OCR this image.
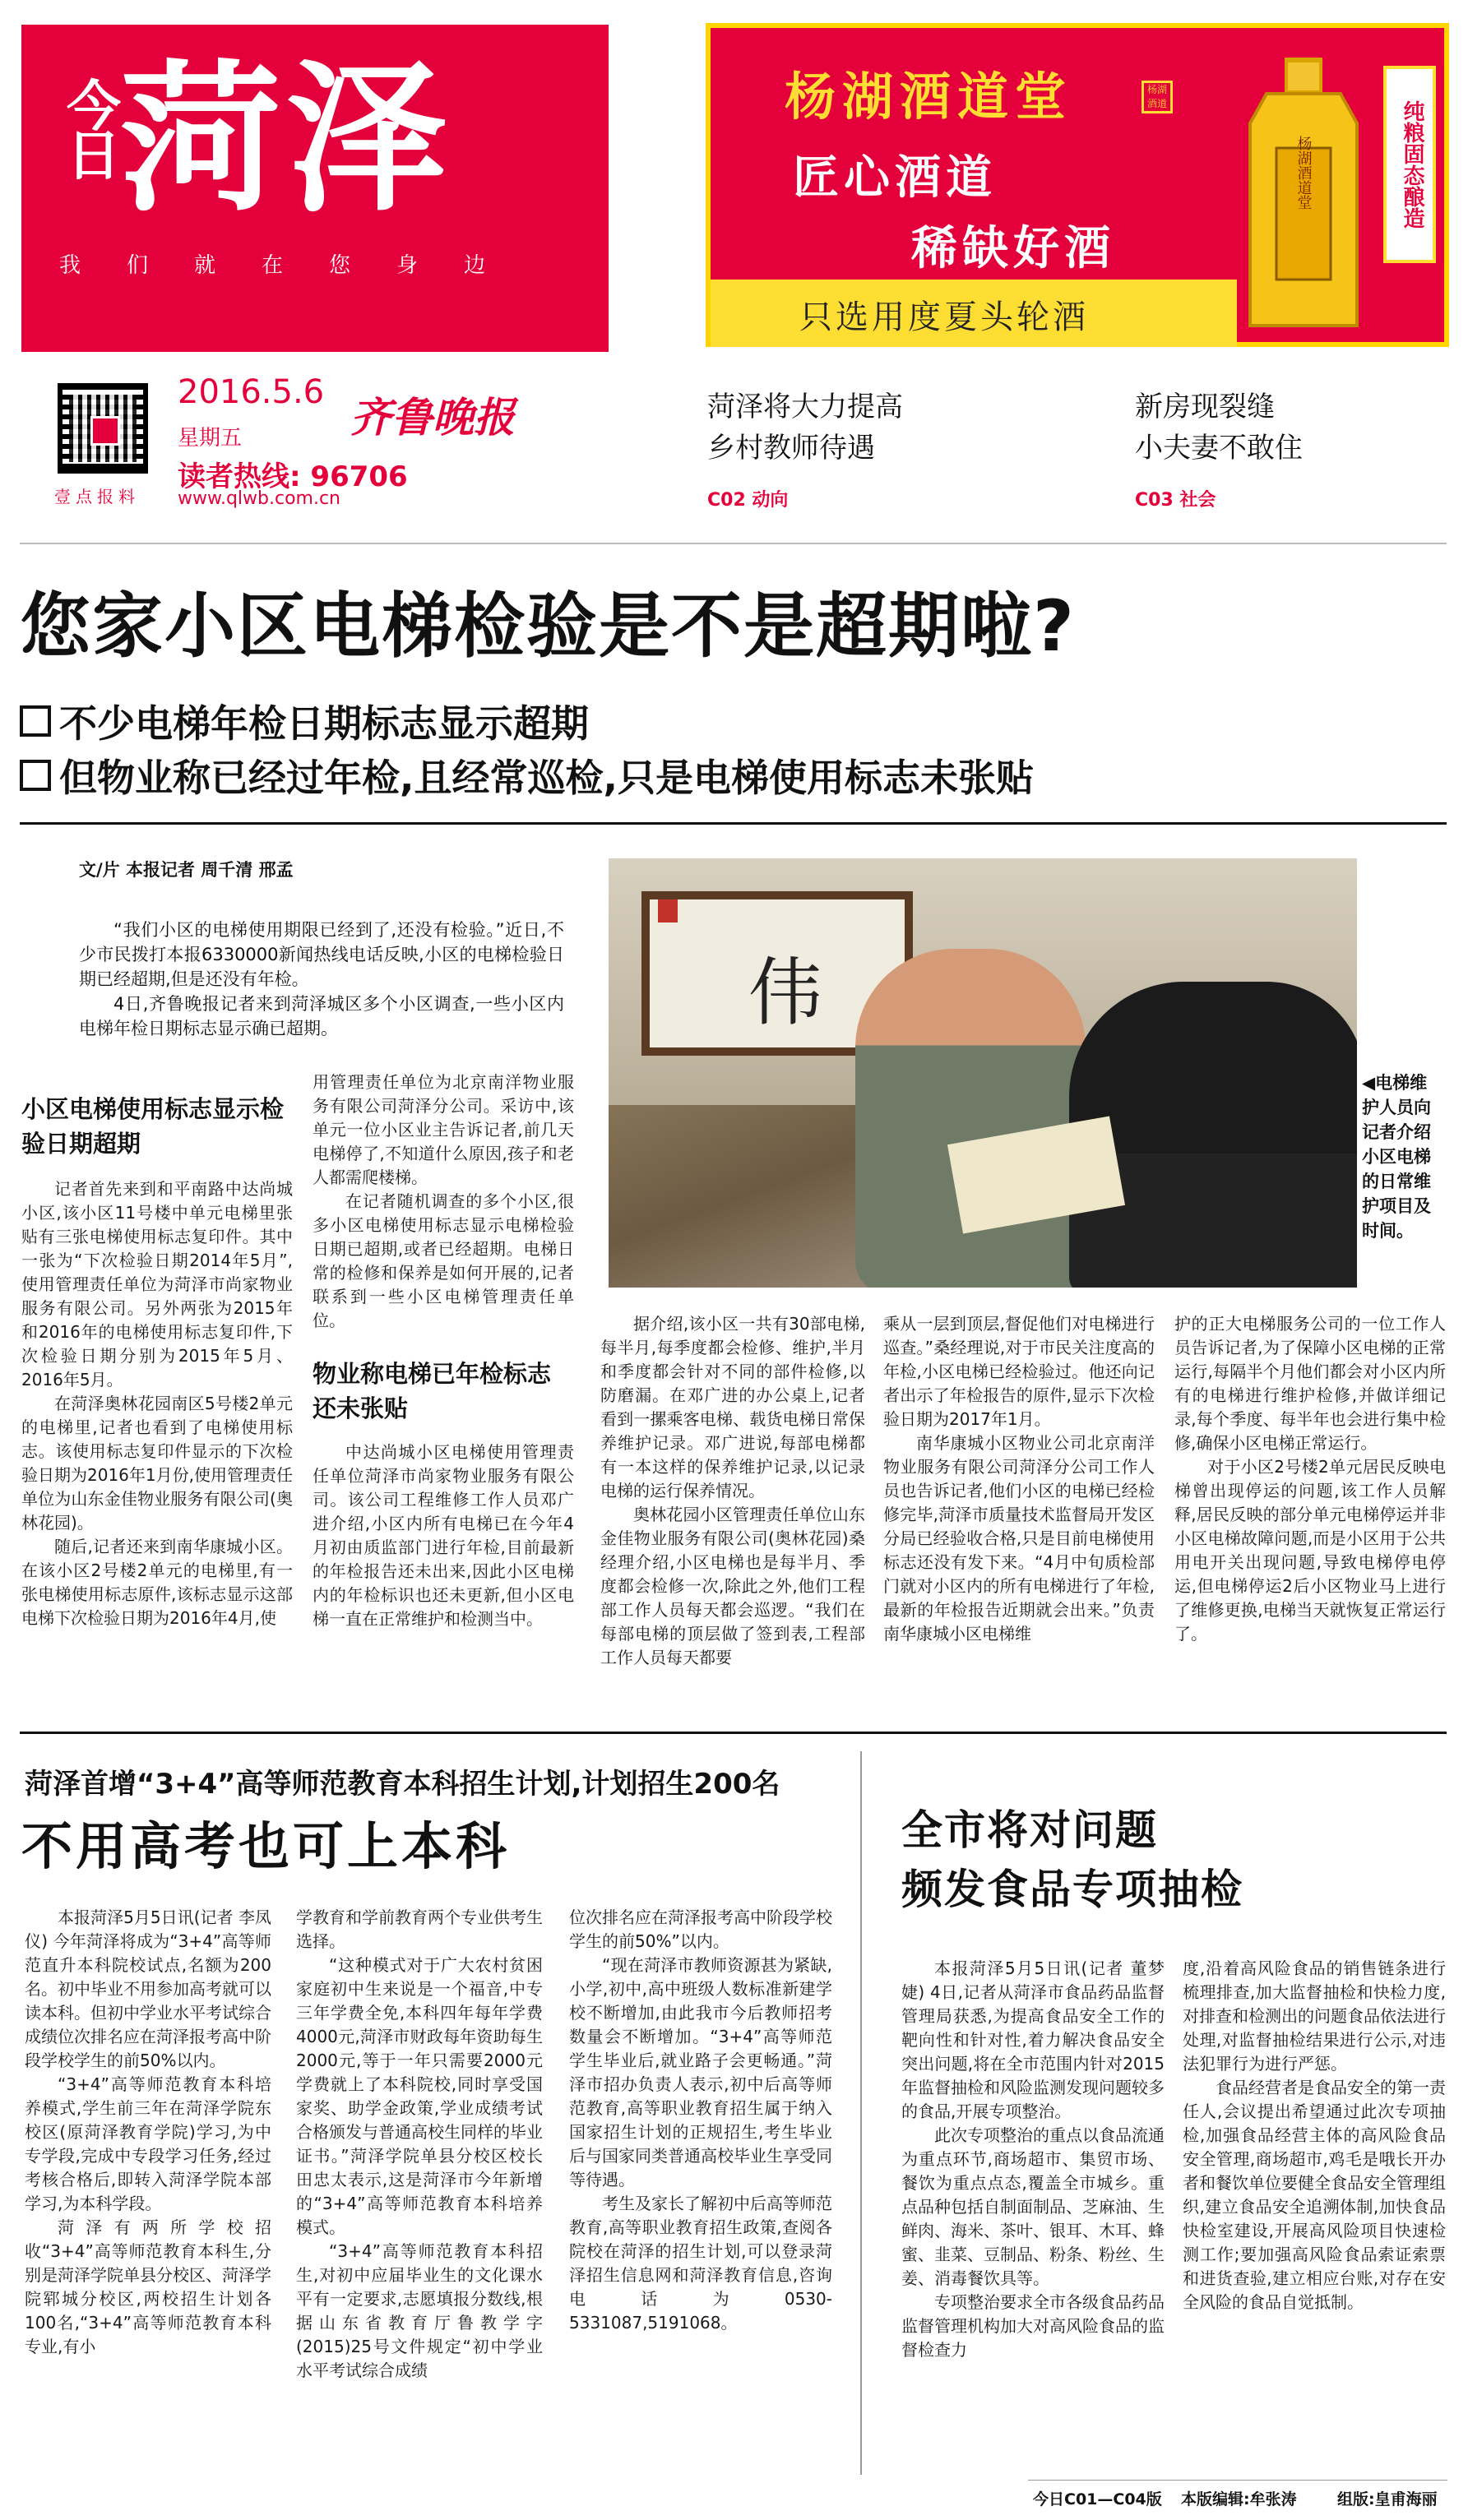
今日 菏泽
我们就在您身边
壹点报料
2016.5.6
星期五	齐鲁晚报
读者热线: 96706
www.qlwb.com.cn
杨湖酒道堂	杨湖酒道
匠心酒道
稀缺好酒
只选用度夏头轮酒
杨湖酒道堂	纯粮固态酿造
菏泽将大力提高
乡村教师待遇
C02 动向
新房现裂缝
小夫妻不敢住
C03 社会
您家小区电梯检验是不是超期啦?
不少电梯年检日期标志显示超期
但物业称已经过年检,且经常巡检,只是电梯使用标志未张贴
文/片 本报记者 周千清 邢孟

“我们小区的电梯使用期限已经到了,还没有检验。”近日,不少市民拨打本报6330000新闻热线电话反映,小区的电梯检验日期已经超期,但是还没有年检。

4日,齐鲁晚报记者来到菏泽城区多个小区调查,一些小区内电梯年检日期标志显示确已超期。

伟
◀电梯维护人员向记者介绍小区电梯的日常维护项目及时间。
小区电梯使用标志显示检验日期超期

记者首先来到和平南路中达尚城小区,该小区11号楼中单元电梯里张贴有三张电梯使用标志复印件。其中一张为“下次检验日期2014年5月”,使用管理责任单位为菏泽市尚家物业服务有限公司。另外两张为2015年和2016年的电梯使用标志复印件,下次检验日期分别为2015年5月、2016年5月。

在菏泽奥林花园南区5号楼2单元的电梯里,记者也看到了电梯使用标志。该使用标志复印件显示的下次检验日期为2016年1月份,使用管理责任单位为山东金佳物业服务有限公司(奥林花园)。

随后,记者还来到南华康城小区。在该小区2号楼2单元的电梯里,有一张电梯使用标志原件,该标志显示这部电梯下次检验日期为2016年4月,使

用管理责任单位为北京南洋物业服务有限公司菏泽分公司。采访中,该单元一位小区业主告诉记者,前几天电梯停了,不知道什么原因,孩子和老人都需爬楼梯。

在记者随机调查的多个小区,很多小区电梯使用标志显示电梯检验日期已超期,或者已经超期。电梯日常的检修和保养是如何开展的,记者联系到一些小区电梯管理责任单位。

物业称电梯已年检标志还未张贴

中达尚城小区电梯使用管理责任单位菏泽市尚家物业服务有限公司。该公司工程维修工作人员邓广进介绍,小区内所有电梯已在今年4月初由质监部门进行年检,目前最新的年检报告还未出来,因此小区电梯内的年检标识也还未更新,但小区电梯一直在正常维护和检测当中。

据介绍,该小区一共有30部电梯,每半月,每季度都会检修、维护,半月和季度都会针对不同的部件检修,以防磨漏。在邓广进的办公桌上,记者看到一摞乘客电梯、载货电梯日常保养维护记录。邓广进说,每部电梯都有一本这样的保养维护记录,以记录电梯的运行保养情况。

奥林花园小区管理责任单位山东金佳物业服务有限公司(奥林花园)桑经理介绍,小区电梯也是每半月、季度都会检修一次,除此之外,他们工程部工作人员每天都会巡逻。“我们在每部电梯的顶层做了签到表,工程部工作人员每天都要

乘从一层到顶层,督促他们对电梯进行巡查。”桑经理说,对于市民关注度高的年检,小区电梯已经检验过。他还向记者出示了年检报告的原件,显示下次检验日期为2017年1月。

南华康城小区物业公司北京南洋物业服务有限公司菏泽分公司工作人员也告诉记者,他们小区的电梯已经检修完毕,菏泽市质量技术监督局开发区分局已经验收合格,只是目前电梯使用标志还没有发下来。“4月中旬质检部门就对小区内的所有电梯进行了年检,最新的年检报告近期就会出来。”负责南华康城小区电梯维

护的正大电梯服务公司的一位工作人员告诉记者,为了保障小区电梯的正常运行,每隔半个月他们都会对小区内所有的电梯进行维护检修,并做详细记录,每个季度、每半年也会进行集中检修,确保小区电梯正常运行。

对于小区2号楼2单元居民反映电梯曾出现停运的问题,该工作人员解释,居民反映的部分单元电梯停运并非小区电梯故障问题,而是小区用于公共用电开关出现问题,导致电梯停电停运,但电梯停运2后小区物业马上进行了维修更换,电梯当天就恢复正常运行了。

菏泽首增“3+4”高等师范教育本科招生计划,计划招生200名
不用高考也可上本科

本报菏泽5月5日讯(记者 李凤仪) 今年菏泽将成为“3+4”高等师范直升本科院校试点,名额为200名。初中毕业不用参加高考就可以读本科。但初中学业水平考试综合成绩位次排名应在菏泽报考高中阶段学校学生的前50%以内。

“3+4”高等师范教育本科培养模式,学生前三年在菏泽学院东校区(原菏泽教育学院)学习,为中专学段,完成中专段学习任务,经过考核合格后,即转入菏泽学院本部学习,为本科学段。

菏泽有两所学校招收“3+4”高等师范教育本科生,分别是菏泽学院单县分校区、菏泽学院郓城分校区,两校招生计划各100名,“3+4”高等师范教育本科专业,有小

学教育和学前教育两个专业供考生选择。

“这种模式对于广大农村贫困家庭初中生来说是一个福音,中专三年学费全免,本科四年每年学费4000元,菏泽市财政每年资助每生2000元,等于一年只需要2000元学费就上了本科院校,同时享受国家奖、助学金政策,学业成绩考试合格颁发与普通高校生同样的毕业证书。”菏泽学院单县分校区校长田忠太表示,这是菏泽市今年新增的“3+4”高等师范教育本科培养模式。

“3+4”高等师范教育本科招生,对初中应届毕业生的文化课水平有一定要求,志愿填报分数线,根据山东省教育厅鲁教学字(2015)25号文件规定“初中学业水平考试综合成绩

位次排名应在菏泽报考高中阶段学校学生的前50%”以内。

“现在菏泽市教师资源甚为紧缺,小学,初中,高中班级人数标准新建学校不断增加,由此我市今后教师招考数量会不断增加。“3+4”高等师范学生毕业后,就业路子会更畅通。”菏泽市招办负责人表示,初中后高等师范教育,高等职业教育招生属于纳入国家招生计划的正规招生,考生毕业后与国家同类普通高校毕业生享受同等待遇。

考生及家长了解初中后高等师范教育,高等职业教育招生政策,查阅各院校在菏泽的招生计划,可以登录菏泽招生信息网和菏泽教育信息,咨询电话为0530-5331087,5191068。

全市将对问题
频发食品专项抽检

本报菏泽5月5日讯(记者 董梦婕) 4日,记者从菏泽市食品药品监督管理局获悉,为提高食品安全工作的靶向性和针对性,着力解决食品安全突出问题,将在全市范围内针对2015年监督抽检和风险监测发现问题较多的食品,开展专项整治。

此次专项整治的重点以食品流通为重点环节,商场超市、集贸市场、餐饮为重点点态,覆盖全市城乡。重点品种包括自制面制品、芝麻油、生鲜肉、海米、茶叶、银耳、木耳、蜂蜜、韭菜、豆制品、粉条、粉丝、生姜、消毒餐饮具等。

专项整治要求全市各级食品药品监督管理机构加大对高风险食品的监督检查力

度,沿着高风险食品的销售链条进行梳理排查,加大监督抽检和快检力度,对排查和检测出的问题食品依法进行处理,对监督抽检结果进行公示,对违法犯罪行为进行严惩。

食品经营者是食品安全的第一责任人,会议提出希望通过此次专项抽检,加强食品经营主体的高风险食品安全管理,商场超市,鸡毛是哦长开办者和餐饮单位要健全食品安全管理组织,建立食品安全追溯体制,加快食品快检室建设,开展高风险项目快速检测工作;要加强高风险食品索证索票和进货查验,建立相应台账,对存在安全风险的食品自觉抵制。

今日C01—C04版 本版编辑:牟张涛	组版:皇甫海丽
